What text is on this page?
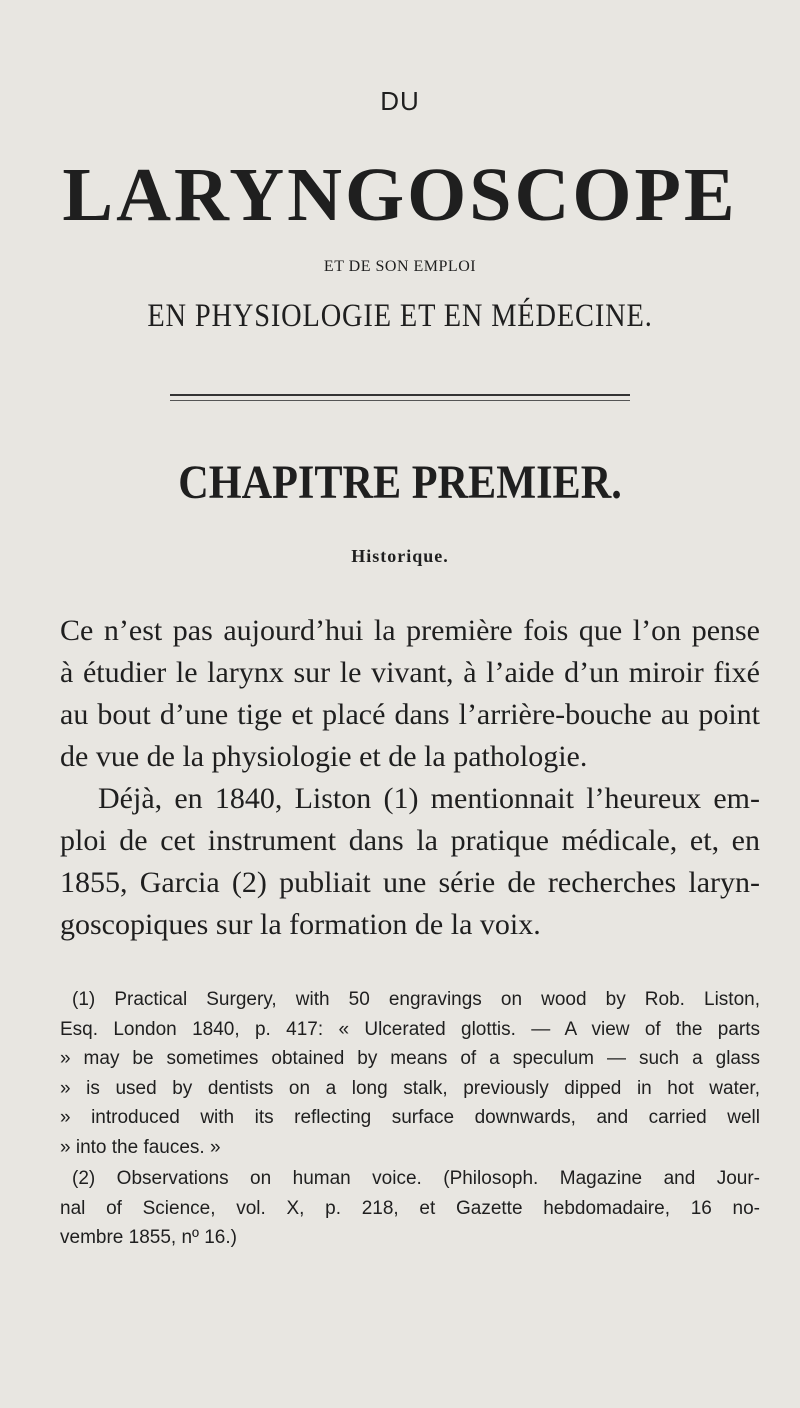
DU
LARYNGOSCOPE
ET DE SON EMPLOI
EN PHYSIOLOGIE ET EN MÉDECINE.
CHAPITRE PREMIER.
Historique.
Ce n’est pas aujourd’hui la première fois que l’on pense
à étudier le larynx sur le vivant, à l’aide d’un miroir fixé
au bout d’une tige et placé dans l’arrière-bouche au point
de vue de la physiologie et de la pathologie.
Déjà, en 1840, Liston (1) mentionnait l’heureux em-
ploi de cet instrument dans la pratique médicale, et, en
1855, Garcia (2) publiait une série de recherches laryn-
goscopiques sur la formation de la voix.
(1) Practical Surgery, with 50 engravings on wood by Rob. Liston,
Esq. London 1840, p. 417: « Ulcerated glottis. — A view of the parts
» may be sometimes obtained by means of a speculum — such a glass
» is used by dentists on a long stalk, previously dipped in hot water,
» introduced with its reflecting surface downwards, and carried well
» into the fauces. »
(2) Observations on human voice. (Philosoph. Magazine and Jour-
nal of Science, vol. X, p. 218, et Gazette hebdomadaire, 16 no-
vembre 1855, nº 16.)
